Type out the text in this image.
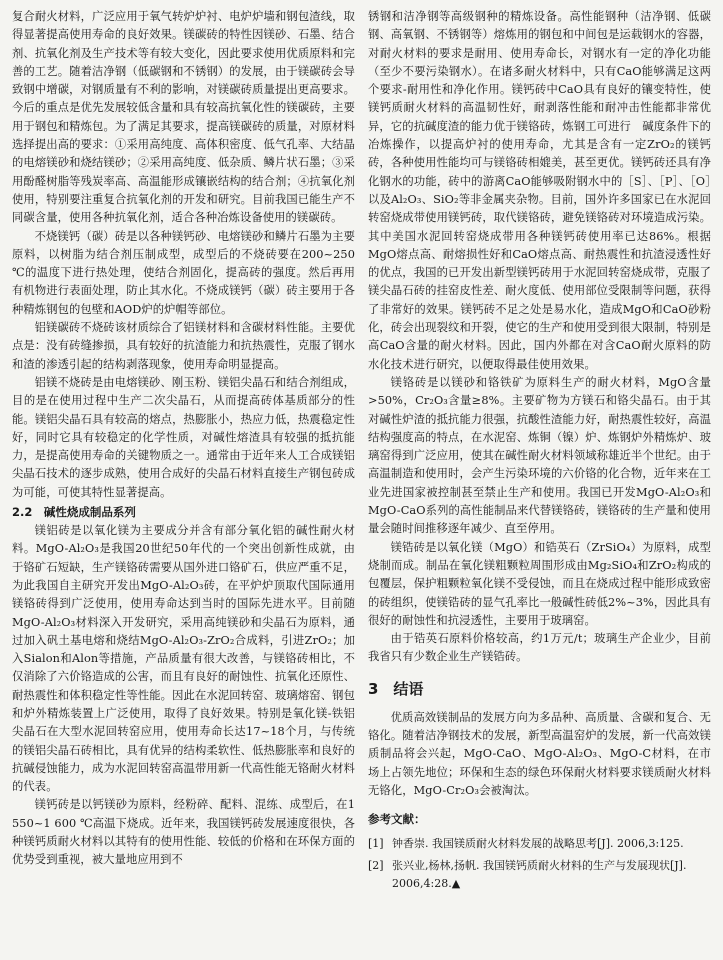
复合耐火材料，广泛应用于氧气转炉炉衬、电炉炉墙和钢包渣线，取得显著提高使用寿命的良好效果。镁碳砖的特性因镁砂、石墨、结合剂、抗氧化剂及生产技术等有较大变化，因此要求使用优质原料和完善的工艺。随着洁净钢（低碳钢和不锈钢）的发展，由于镁碳砖会导致钢中增碳，对钢质量有不利的影响，对镁碳砖质量提出更高要求。今后的重点是优先发展较低含量和具有较高抗氧化性的镁碳砖，主要用于钢包和精炼包。为了满足其要求，提高镁碳砖的质量，对原材料选择提出高的要求：①采用高纯度、高体积密度、低气孔率、大结晶的电熔镁砂和烧结镁砂；②采用高纯度、低杂质、鳞片状石墨；③采用酚醛树脂等残炭率高、高温能形成镶嵌结构的结合剂；④抗氧化剂使用，特别要注重复合抗氧化剂的开发和研究。目前我国已能生产不同碳含量，使用各种抗氧化剂，适合各种冶炼设备使用的镁碳砖。

不烧镁钙（碳）砖是以各种镁钙砂、电熔镁砂和鳞片石墨为主要原料，以树脂为结合剂压制成型，成型后的不烧砖要在200~250 ℃的温度下进行热处理，使结合剂固化，提高砖的强度。然后再用有机物进行表面处理，防止其水化。不烧成镁钙（碳）砖主要用于各种精炼钢包的包壁和AOD炉的炉帽等部位。

铝镁碳砖不烧砖该材质综合了铝镁材料和含碳材料性能。主要优点是：没有砖缝掺损，具有较好的抗渣能力和抗热震性，克服了钢水和渣的渗透引起的结构剥落现象，使用寿命明显提高。

铝镁不烧砖是由电熔镁砂、刚玉粉、镁铝尖晶石和结合剂组成，目的是在使用过程中生产二次尖晶石，从而提高砖体基质部分的性能。镁铝尖晶石具有较高的熔点，热膨胀小，热应力低，热震稳定性好，同时它具有较稳定的化学性质，对碱性熔渣具有较强的抵抗能力，是提高使用寿命的关键物质之一。通常由于近年来人工合成镁铝尖晶石技术的逐步成熟，使用合成好的尖晶石材料直接生产钢包砖成为可能，可使其特性显著提高。

2.2　碱性烧成制品系列

镁铝砖是以氧化镁为主要成分并含有部分氧化铝的碱性耐火材料。MgO-Al₂O₃是我国20世纪50年代的一个突出创新性成就，由于铬矿石短缺，生产镁铬砖需要从国外进口铬矿石，供应严重不足，为此我国自主研究开发出MgO-Al₂O₃砖，在平炉炉顶取代国际通用镁铬砖得到广泛使用，使用寿命达到当时的国际先进水平。目前随MgO-Al₂O₃材料深入开发研究，采用高纯镁砂和尖晶石为原料，通过加入矾土基电熔和烧结MgO-Al₂O₃-ZrO₂合成料，引进ZrO₂；加入Sialon和Alon等措施，产品质量有很大改善，与镁铬砖相比，不仅消除了六价铬造成的公害，而且有良好的耐蚀性、抗氧化还原性、耐热震性和体积稳定性等性能。因此在水泥回转窑、玻璃熔窑、钢包和炉外精炼装置上广泛使用，取得了良好效果。特别是氧化镁-铁铝尖晶石在大型水泥回转窑应用，使用寿命长达17~18个月，与传统的镁铝尖晶石砖相比，具有优异的结构柔软性、低热膨胀率和良好的抗碱侵蚀能力，成为水泥回转窑高温带用新一代高性能无铬耐火材料的代表。

镁钙砖是以钙镁砂为原料，经粉碎、配料、混练、成型后，在1 550~1 600 ℃高温下烧成。近年来，我国镁钙砖发展速度很快，各种镁钙质耐火材料以其特有的使用性能、较低的价格和在环保方面的优势受到重视，被大量地应用到不

锈钢和洁净钢等高级钢种的精炼设备。高性能钢种（洁净钢、低碳钢、高氧钢、不锈钢等）熔炼用的钢包和中间包是运载钢水的容器，对耐火材料的要求是耐用、使用寿命长，对钢水有一定的净化功能（至少不要污染钢水）。在诸多耐火材料中，只有CaO能够满足这两个要求-耐用性和净化作用。镁钙砖中CaO具有良好的镶变特性，使镁钙质耐火材料的高温韧性好，耐剥落性能和耐冲击性能都非常优异，它的抗碱度渣的能力优于镁铬砖，炼钢工可进行　碱度条件下的冶炼操作，以提高炉衬的使用寿命，尤其是含有一定ZrO₂的镁钙砖，各种使用性能均可与镁铬砖相媲美，甚至更优。镁钙砖还具有净化钢水的功能，砖中的游离CaO能够吸附钢水中的［S］、［P］、［O］以及Al₂O₃、SiO₂等非金属夹杂物。目前，国外许多国家已在水泥回转窑烧成带使用镁钙砖，取代镁铬砖，避免镁铬砖对环境造成污染。其中美国水泥回转窑烧成带用各种镁钙砖使用率已达86%。根据MgO熔点高、耐熔损性好和CaO熔点高、耐热震性和抗渣浸透性好的优点，我国的已开发出新型镁钙砖用于水泥回转窑烧成带，克服了镁尖晶石砖的挂窑皮性差、耐火度低、使用部位受限制等问题，获得了非常好的效果。镁钙砖不足之处是易水化，造成MgO和CaO砂粉化，砖会出现裂纹和开裂，使它的生产和使用受到很大限制，特别是高CaO含量的耐火材料。因此，国内外都在对含CaO耐火原料的防水化技术进行研究，以便取得最佳使用效果。

镁铬砖是以镁砂和铬铁矿为原料生产的耐火材料，MgO含量>50%，Cr₂O₃含量≥8%。主要矿物为方镁石和铬尖晶石。由于其对碱性炉渣的抵抗能力很强，抗酸性渣能力好，耐热震性较好，高温结构强度高的特点，在水泥窑、炼铜（镍）炉、炼钢炉外精炼炉、玻璃窑得到广泛应用，使其在碱性耐火材料领域称雄近半个世纪。由于高温制造和使用时，会产生污染环境的六价铬的化合物，近年来在工业先进国家被控制甚至禁止生产和使用。我国已开发MgO-Al₂O₃和MgO-CaO系列的高性能制品来代替镁铬砖，镁铬砖的生产量和使用量会随时间推移逐年减少、直至停用。

镁锆砖是以氧化镁（MgO）和锆英石（ZrSiO₄）为原料，成型烧制而成。制品在氧化镁粗颗粒周围形成由Mg₂SiO₄和ZrO₂构成的包覆层，保护粗颗粒氧化镁不受侵蚀，而且在烧成过程中能形成致密的砖组织，使镁锆砖的显气孔率比一般碱性砖低2%~3%，因此具有很好的耐蚀性和抗浸透性，主要用于玻璃窑。

由于锆英石原料价格较高，约1万元/t；玻璃生产企业少，目前我省只有少数企业生产镁锆砖。

3　结语

优质高效镁制品的发展方向为多品种、高质量、含碳和复合、无铬化。随着洁净钢技术的发展，新型高温窑炉的发展，新一代高效镁质制品将会兴起，MgO-CaO、MgO-Al₂O₃、MgO-C材料，在市场上占领先地位；环保和生态的绿色环保耐火材料要求镁质耐火材料无铬化，MgO-Cr₂O₃会被淘汰。

参考文献：
[1] 钟香崇. 我国镁质耐火材料发展的战略思考[J]. 2006,3:125.
[2] 张兴业,杨林,扬帆. 我国镁钙质耐火材料的生产与发展现状[J]. 2006,4:28.▲
